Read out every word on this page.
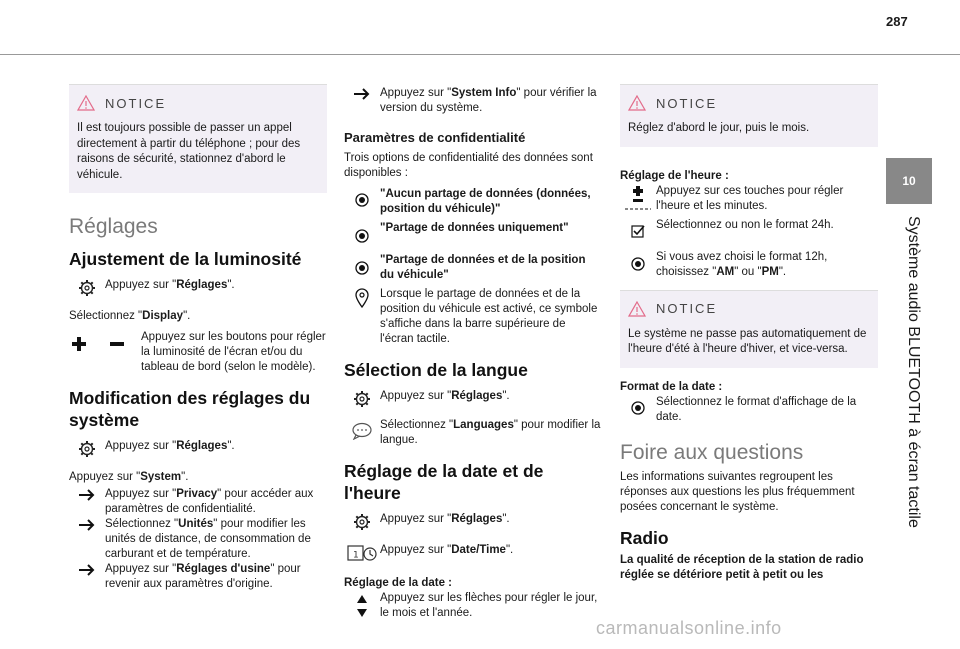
287
10
Système audio BLUETOOTH à écran tactile
NOTICE

Il est toujours possible de passer un appel directement à partir du téléphone ; pour des raisons de sécurité, stationnez d'abord le véhicule.

Réglages
Ajustement de la luminosité
Appuyez sur "Réglages".
Sélectionnez "Display".
Appuyez sur les boutons pour régler la luminosité de l'écran et/ou du tableau de bord (selon le modèle).
Modification des réglages du système
Appuyez sur "Réglages".
Appuyez sur "System".
Appuyez sur "Privacy" pour accéder aux paramètres de confidentialité.
Sélectionnez "Unités" pour modifier les unités de distance, de consommation de carburant et de température.
Appuyez sur "Réglages d'usine" pour revenir aux paramètres d'origine.
Appuyez sur "System Info" pour vérifier la version du système.
Paramètres de confidentialité
Trois options de confidentialité des données sont disponibles :
"Aucun partage de données (données, position du véhicule)"
"Partage de données uniquement"
"Partage de données et de la position du véhicule"
Lorsque le partage de données et de la position du véhicule est activé, ce symbole s'affiche dans la barre supérieure de l'écran tactile.
Sélection de la langue
Appuyez sur "Réglages".
Sélectionnez "Languages" pour modifier la langue.
Réglage de la date et de l'heure
Appuyez sur "Réglages".
1 Appuyez sur "Date/Time".
Réglage de la date :
Appuyez sur les flèches pour régler le jour, le mois et l'année.
NOTICE

Réglez d'abord le jour, puis le mois.

Réglage de l'heure :
Appuyez sur ces touches pour régler l'heure et les minutes.
Sélectionnez ou non le format 24h.
Si vous avez choisi le format 12h, choisissez "AM" ou "PM".
NOTICE

Le système ne passe pas automatiquement de l'heure d'été à l'heure d'hiver, et vice-versa.

Format de la date :
Sélectionnez le format d'affichage de la date.
Foire aux questions
Les informations suivantes regroupent les réponses aux questions les plus fréquemment posées concernant le système.
Radio
La qualité de réception de la station de radio réglée se détériore petit à petit ou les
carmanualsonline.info
